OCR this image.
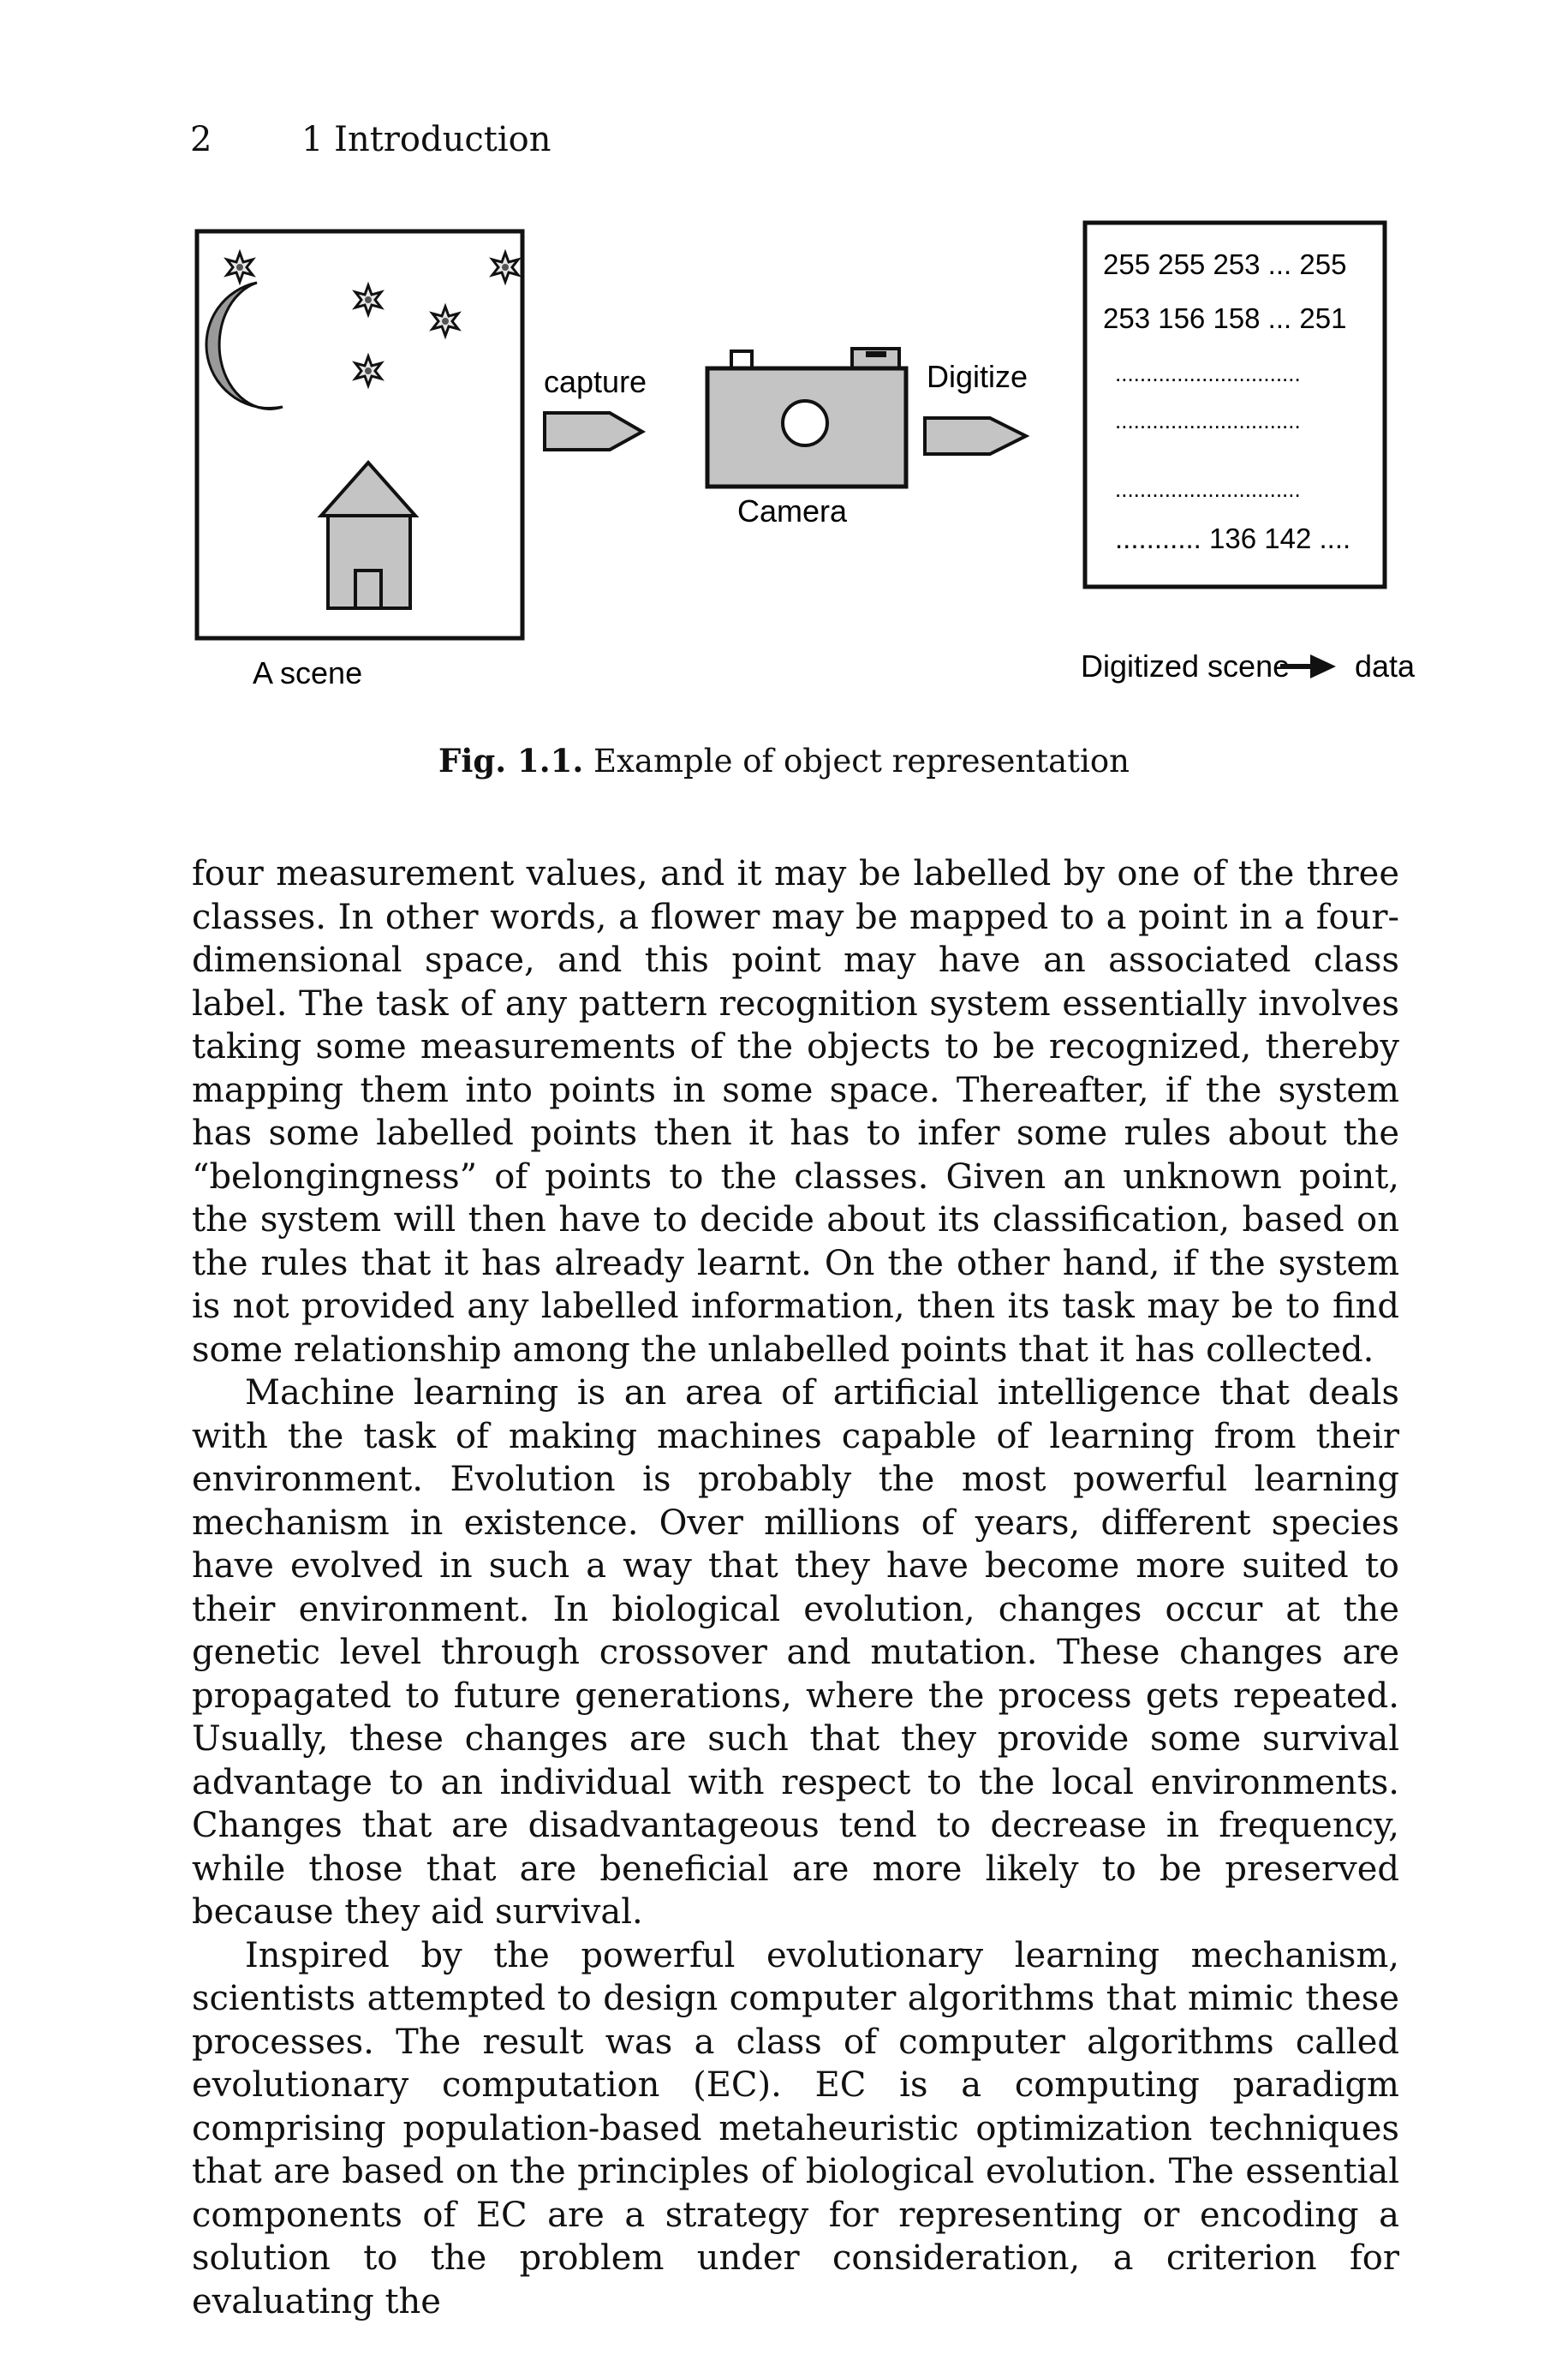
2	1 Introduction
capture
Camera
Digitize
255 255 253 ... 255
253 156 158 ... 251
..............................
..............................
..............................
........... 136 142 ....
A scene	Digitized scene data
Fig. 1.1. Example of object representation

four measurement values, and it may be labelled by one of the three classes. In other words, a flower may be mapped to a point in a four-dimensional space, and this point may have an associated class label. The task of any pattern recognition system essentially involves taking some measurements of the objects to be recognized, thereby mapping them into points in some space. Thereafter, if the system has some labelled points then it has to infer some rules about the “belongingness” of points to the classes. Given an unknown point, the system will then have to decide about its classification, based on the rules that it has already learnt. On the other hand, if the system is not provided any labelled information, then its task may be to find some relationship among the unlabelled points that it has collected.

Machine learning is an area of artificial intelligence that deals with the task of making machines capable of learning from their environment. Evolution is probably the most powerful learning mechanism in existence. Over millions of years, different species have evolved in such a way that they have become more suited to their environment. In biological evolution, changes occur at the genetic level through crossover and mutation. These changes are propagated to future generations, where the process gets repeated. Usually, these changes are such that they provide some survival advantage to an individual with respect to the local environments. Changes that are disadvantageous tend to decrease in frequency, while those that are beneficial are more likely to be preserved because they aid survival.

Inspired by the powerful evolutionary learning mechanism, scientists attempted to design computer algorithms that mimic these processes. The result was a class of computer algorithms called evolutionary computation (EC). EC is a computing paradigm comprising population-based metaheuristic optimization techniques that are based on the principles of biological evolution. The essential components of EC are a strategy for representing or encoding a solution to the problem under consideration, a criterion for evaluating the
